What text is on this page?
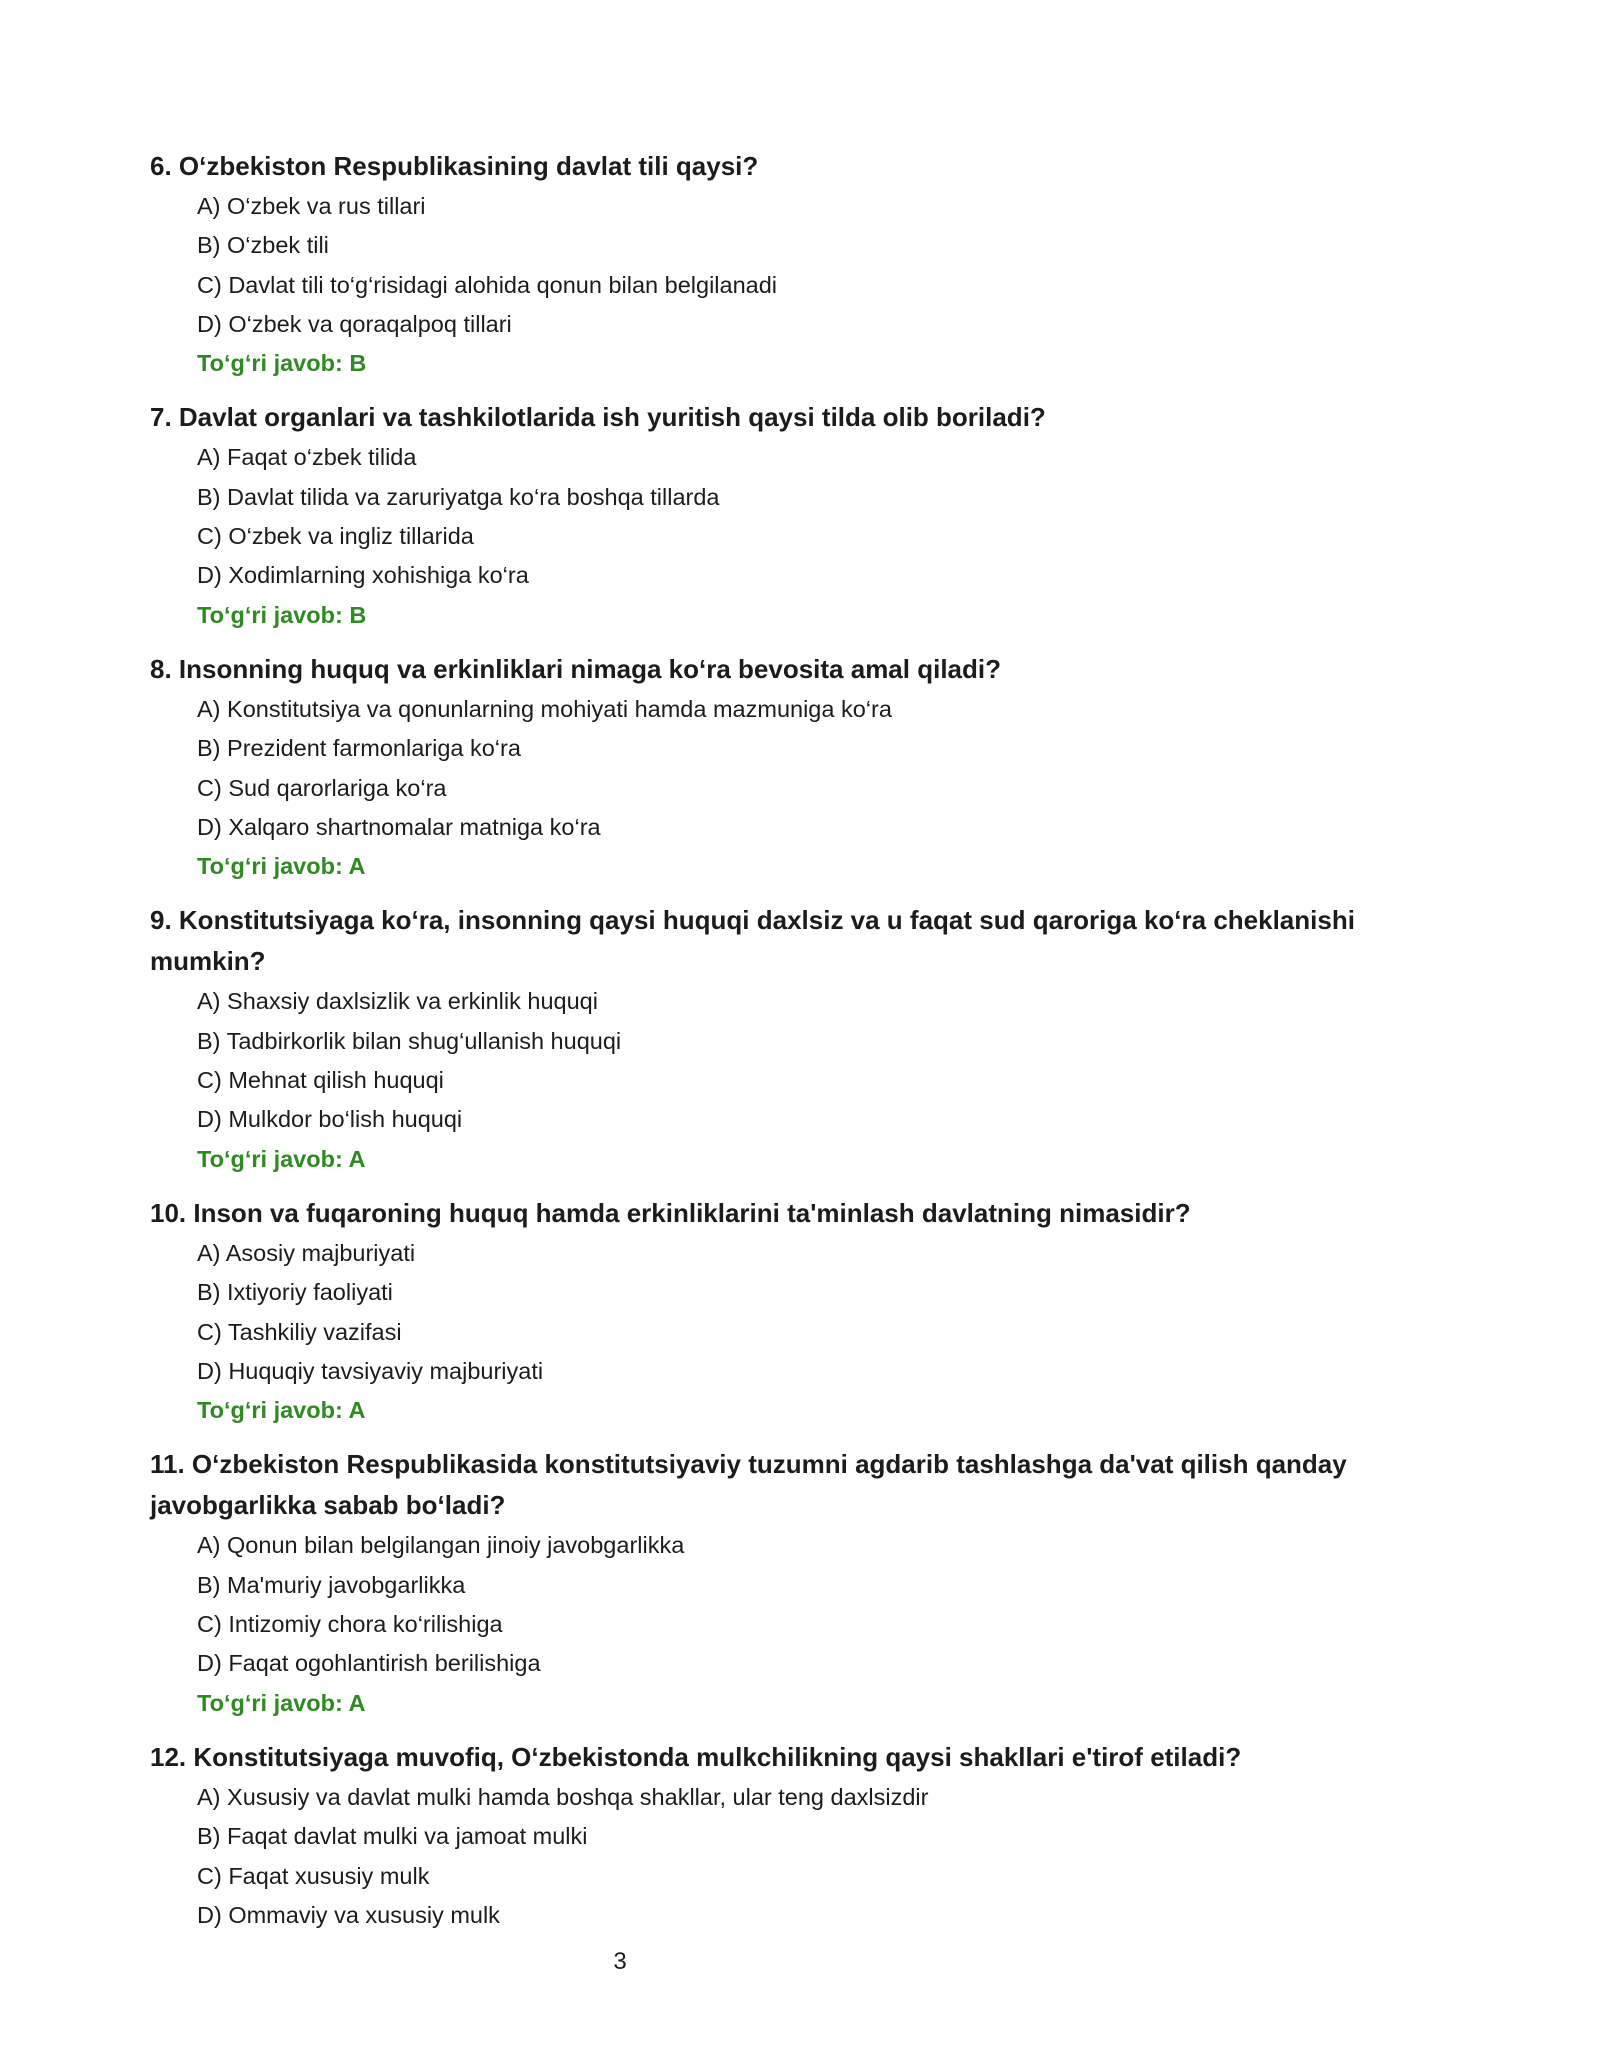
6. O‘zbekiston Respublikasining davlat tili qaysi?

A) O‘zbek va rus tillari
B) O‘zbek tili
C) Davlat tili to‘g‘risidagi alohida qonun bilan belgilanadi
D) O‘zbek va qoraqalpoq tillari
To‘g‘ri javob: B

7. Davlat organlari va tashkilotlarida ish yuritish qaysi tilda olib boriladi?

A) Faqat o‘zbek tilida
B) Davlat tilida va zaruriyatga ko‘ra boshqa tillarda
C) O‘zbek va ingliz tillarida
D) Xodimlarning xohishiga ko‘ra
To‘g‘ri javob: B

8. Insonning huquq va erkinliklari nimaga ko‘ra bevosita amal qiladi?

A) Konstitutsiya va qonunlarning mohiyati hamda mazmuniga ko‘ra
B) Prezident farmonlariga ko‘ra
C) Sud qarorlariga ko‘ra
D) Xalqaro shartnomalar matniga ko‘ra
To‘g‘ri javob: A

9. Konstitutsiyaga ko‘ra, insonning qaysi huquqi daxlsiz va u faqat sud qaroriga ko‘ra cheklanishi mumkin?

A) Shaxsiy daxlsizlik va erkinlik huquqi
B) Tadbirkorlik bilan shug‘ullanish huquqi
C) Mehnat qilish huquqi
D) Mulkdor bo‘lish huquqi
To‘g‘ri javob: A

10. Inson va fuqaroning huquq hamda erkinliklarini ta'minlash davlatning nimasidir?

A) Asosiy majburiyati
B) Ixtiyoriy faoliyati
C) Tashkiliy vazifasi
D) Huquqiy tavsiyaviy majburiyati
To‘g‘ri javob: A

11. O‘zbekiston Respublikasida konstitutsiyaviy tuzumni agdarib tashlashga da'vat qilish qanday javobgarlikka sabab bo‘ladi?

A) Qonun bilan belgilangan jinoiy javobgarlikka
B) Ma'muriy javobgarlikka
C) Intizomiy chora ko‘rilishiga
D) Faqat ogohlantirish berilishiga
To‘g‘ri javob: A

12. Konstitutsiyaga muvofiq, O‘zbekistonda mulkchilikning qaysi shakllari e'tirof etiladi?

A) Xususiy va davlat mulki hamda boshqa shakllar, ular teng daxlsizdir
B) Faqat davlat mulki va jamoat mulki
C) Faqat xususiy mulk
D) Ommaviy va xususiy mulk
3
